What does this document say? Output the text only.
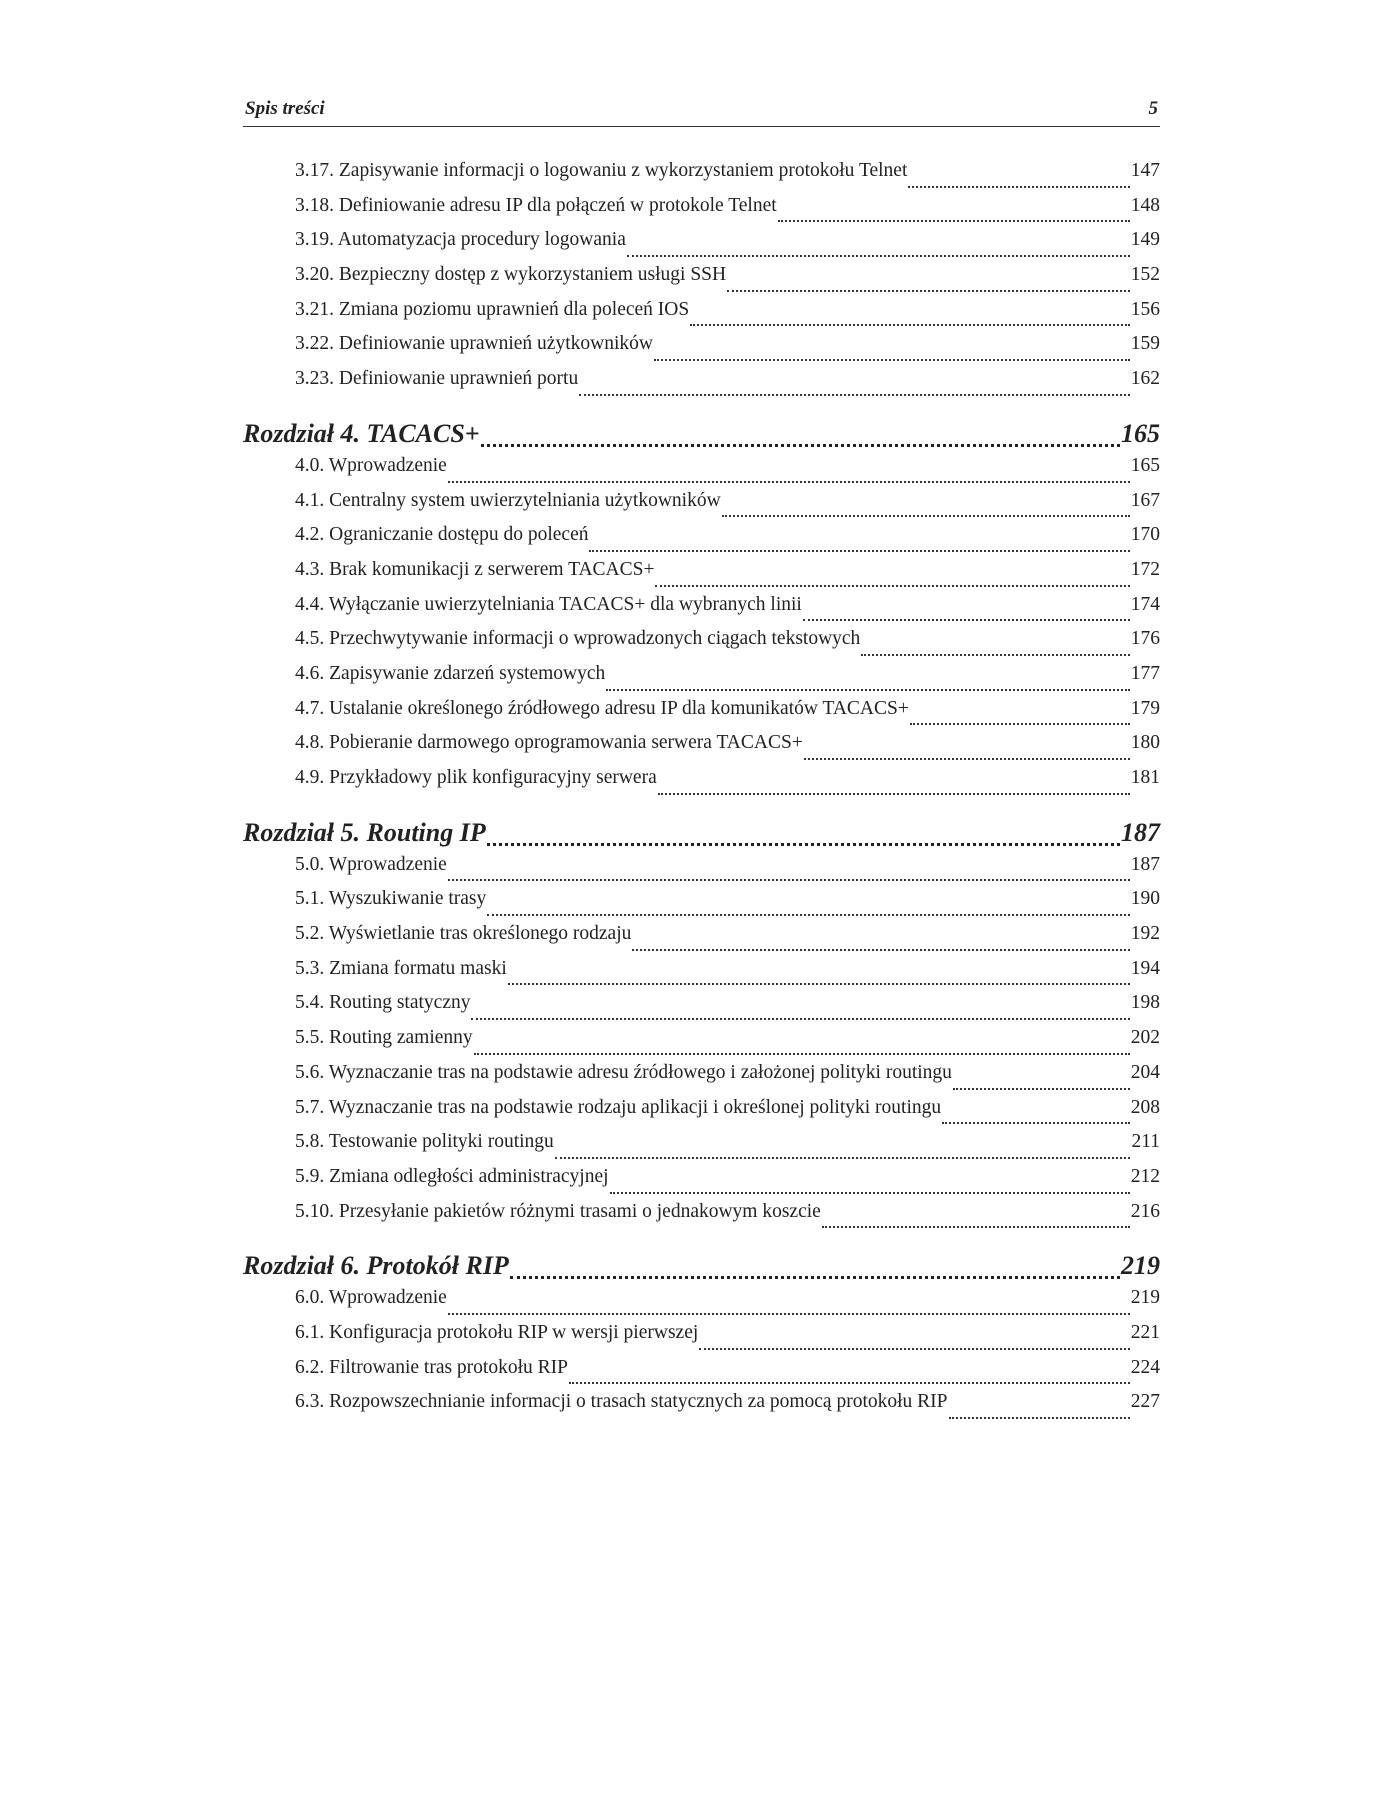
Spis treści	5
3.17. Zapisywanie informacji o logowaniu z wykorzystaniem protokołu Telnet	147
3.18. Definiowanie adresu IP dla połączeń w protokole Telnet	148
3.19. Automatyzacja procedury logowania	149
3.20. Bezpieczny dostęp z wykorzystaniem usługi SSH	152
3.21. Zmiana poziomu uprawnień dla poleceń IOS	156
3.22. Definiowanie uprawnień użytkowników	159
3.23. Definiowanie uprawnień portu	162
Rozdział 4. TACACS+	165
4.0. Wprowadzenie	165
4.1. Centralny system uwierzytelniania użytkowników	167
4.2. Ograniczanie dostępu do poleceń	170
4.3. Brak komunikacji z serwerem TACACS+	172
4.4. Wyłączanie uwierzytelniania TACACS+ dla wybranych linii	174
4.5. Przechwytywanie informacji o wprowadzonych ciągach tekstowych	176
4.6. Zapisywanie zdarzeń systemowych	177
4.7. Ustalanie określonego źródłowego adresu IP dla komunikatów TACACS+	179
4.8. Pobieranie darmowego oprogramowania serwera TACACS+	180
4.9. Przykładowy plik konfiguracyjny serwera	181
Rozdział 5. Routing IP	187
5.0. Wprowadzenie	187
5.1. Wyszukiwanie trasy	190
5.2. Wyświetlanie tras określonego rodzaju	192
5.3. Zmiana formatu maski	194
5.4. Routing statyczny	198
5.5. Routing zamienny	202
5.6. Wyznaczanie tras na podstawie adresu źródłowego i założonej polityki routingu	204
5.7. Wyznaczanie tras na podstawie rodzaju aplikacji i określonej polityki routingu	208
5.8. Testowanie polityki routingu	211
5.9. Zmiana odległości administracyjnej	212
5.10. Przesyłanie pakietów różnymi trasami o jednakowym koszcie	216
Rozdział 6. Protokół RIP	219
6.0. Wprowadzenie	219
6.1. Konfiguracja protokołu RIP w wersji pierwszej	221
6.2. Filtrowanie tras protokołu RIP	224
6.3. Rozpowszechnianie informacji o trasach statycznych za pomocą protokołu RIP	227
